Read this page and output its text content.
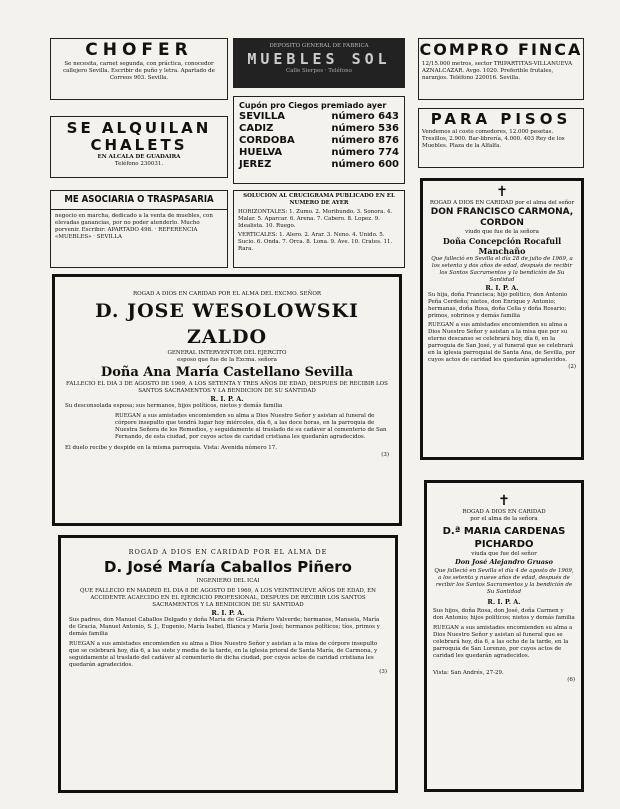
CHOFER

Se necesita, carnet segunda, con práctica, conocedor callejero Sevilla. Escribir de puño y letra. Apartado de Correos 903. Sevilla.

DEPOSITO GENERAL DE FABRICA

MUEBLES SOL

Calle Sierpes · Teléfono

COMPRO FINCA

12/15.000 metros, sector TRIPARTITAS-VILLANUEVA AZNALCAZAR. Avgo. 1020. Preferible frutales, naranjos. Teléfono 220016. Sevilla.

SE ALQUILAN
CHALETS

EN ALCALA DE GUADAIRA

Teléfono 230031.

Cupón pro Ciegos premiado ayer

SEVILLA	número 643
CADIZ	número 536
CORDOBA	número 876
HUELVA	número 774
JEREZ	número 600
PARA PISOS

Vendemos al costo comedores, 12.000 pesetas. Tresillos, 2.900. Bar-librería, 4.000. 403 Rey de los Muebles. Plaza de la Alfalfa.

ME ASOCIARIA O TRASPASARIA

negocio en marcha, dedicado a la venta de muebles, con elevadas ganancias, por no poder atenderlo. Mucho porvenir. Escribir: APARTADO 498. · REFERENCIA «MUEBLES» · SEVILLA

SOLUCION AL CRUCIGRAMA PUBLICADO EN EL NUMERO DE AYER

HORIZONTALES: 1. Zumo. 2. Moribundo. 3. Sonora. 4. Malar. 5. Aparcar. 6. Arena. 7. Cabero. 8. Lopez. 9. Idealista. 10. Ruego.

VERTICALES: 1. Alero. 2. Arar. 3. Neno. 4. Unido. 5. Sucio. 6. Onda. 7. Orca. 8. Lona. 9. Ave. 10. Crates. 11. Rara.

✝

ROGAD A DIOS EN CARIDAD por el alma del señor

DON FRANCISCO CARMONA,

CORDON

viudo que fue de la señora

Doña Concepción Rocafull

Manchaño

Que falleció en Sevilla el día 28 de julio de 1969, a los setenta y dos años de edad, después de recibir los Santos Sacramentos y la bendición de Su Santidad

R. I. P. A.

Su hija, doña Francisca; hijo político, don Antonio Peña Cerdeño; nietos, don Enrique y Antonio; hermanas, doña Rosa, doña Celia y doña Rosario; primos, sobrinos y demás familia

RUEGAN a sus amistades encomienden su alma a Dios Nuestro Señor y asistan a la misa que por su eterno descanso se celebrará hoy, día 6, en la parroquia de San José, y al funeral que se celebrará en la iglesia parroquial de Santa Ana, de Sevilla, por cuyos actos de caridad les quedarán agradecidos.

(2)

ROGAD A DIOS EN CARIDAD POR EL ALMA DEL EXCMO. SEÑOR

D. JOSE WESOLOWSKI ZALDO

GENERAL INTERVENTOR DEL EJERCITO

esposo que fue de la Excma. señora

Doña Ana María Castellano Sevilla

FALLECIO EL DIA 3 DE AGOSTO DE 1969, A LOS SETENTA Y TRES AÑOS DE EDAD, DESPUES DE RECIBIR LOS SANTOS SACRAMENTOS Y LA BENDICION DE SU SANTIDAD

R. I. P. A.

Su desconsolada esposa; sus hermanos, hijos políticos, nietos y demás familia

RUEGAN a sus amistades encomienden su alma a Dios Nuestro Señor y asistan al funeral de córpore insepulto que tendrá lugar hoy miércoles, día 6, a las doce horas, en la parroquia de Nuestra Señora de los Remedios, y seguidamente al traslado de su cadáver al cementerio de San Fernando, de esta ciudad, por cuyos actos de caridad cristiana les quedarán agradecidos.

El duelo recibe y despide en la misma parroquia. Vista: Avenida número 17.

(3)

ROGAD A DIOS EN CARIDAD POR EL ALMA DE

D. José María Caballos Piñero

INGENIERO DEL ICAI

QUE FALLECIO EN MADRID EL DIA 8 DE AGOSTO DE 1969, A LOS VEINTINUEVE AÑOS DE EDAD, EN ACCIDENTE ACAECIDO EN EL EJERCICIO PROFESIONAL, DESPUES DE RECIBIR LOS SANTOS SACRAMENTOS Y LA BENDICION DE SU SANTIDAD

R. I. P. A.

Sus padres, don Manuel Caballos Delgado y doña María de Gracia Piñero Valverde; hermanos, Manuela, María de Gracia, Manuel Antonio, S. J., Eugenio, María Isabel, Blanca y María José; hermanos políticos; tíos, primos y demás familia

RUEGAN a sus amistades encomienden su alma a Dios Nuestro Señor y asistan a la misa de córpore insepulto que se celebrará hoy, día 6, a las siete y media de la tarde, en la iglesia prioral de Santa María, de Carmona, y seguidamente al traslado del cadáver al cementerio de dicha ciudad, por cuyos actos de caridad cristiana les quedarán agradecidos.

(3)

✝

ROGAD A DIOS EN CARIDAD

por el alma de la señora

D.ª MARIA CARDENAS

PICHARDO

viuda que fue del señor

Don José Alejandro Gruaso

Que falleció en Sevilla el día 4 de agosto de 1969, a los setenta y nueve años de edad, después de recibir los Santos Sacramentos y la bendición de Su Santidad

R. I. P. A.

Sus hijos, doña Rosa, don José, doña Carmen y don Antonio; hijos políticos; nietos y demás familia

RUEGAN a sus amistades encomienden su alma a Dios Nuestro Señor y asistan al funeral que se celebrará hoy, día 6, a las ocho de la tarde, en la parroquia de San Lorenzo, por cuyos actos de caridad les quedarán agradecidos.

Vista: San Andrés, 27-29.

(6)
